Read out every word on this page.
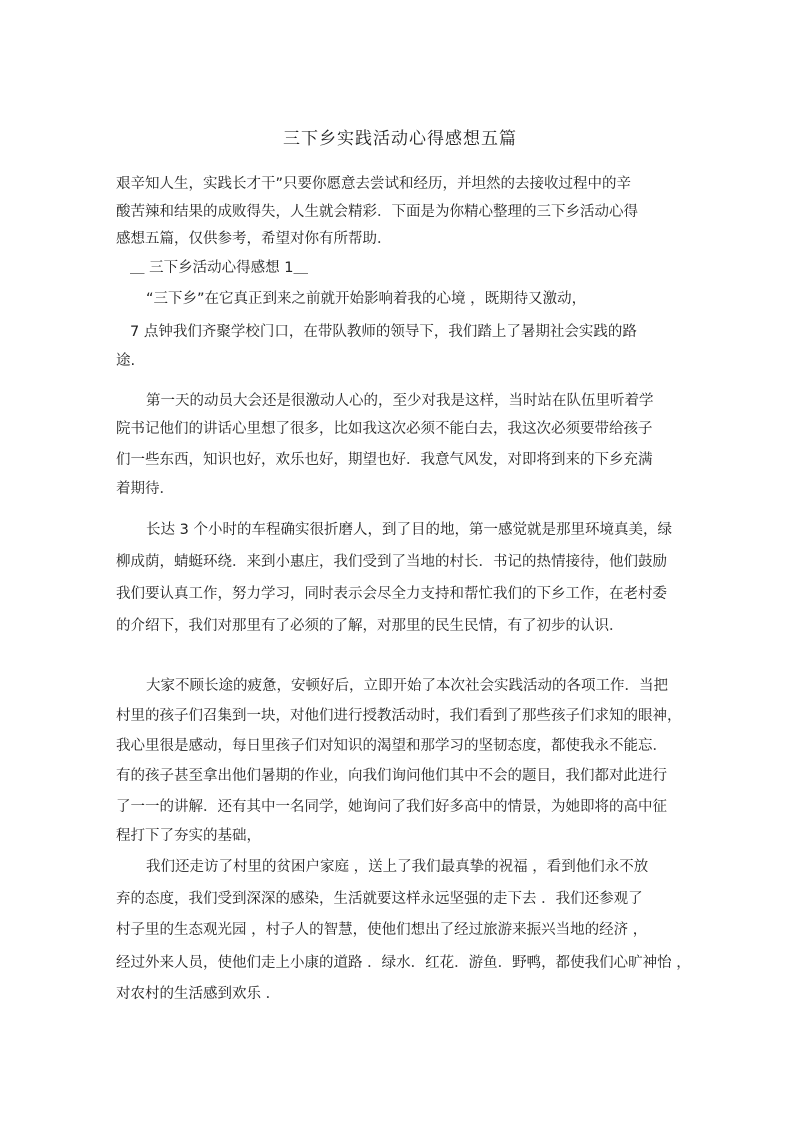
三下乡实践活动心得感想五篇
艰辛知人生，实践长才干”只要你愿意去尝试和经历，并坦然的去接收过程中的辛
酸苦辣和结果的成败得失，人生就会精彩．下面是为你精心整理的三下乡活动心得
感想五篇，仅供参考，希望对你有所帮助．
＿ 三下乡活动心得感想 1＿
“三下乡”在它真正到来之前就开始影响着我的心境 ，既期待又激动，
7 点钟我们齐聚学校门口，在带队教师的领导下，我们踏上了暑期社会实践的路
途.
第一天的动员大会还是很激动人心的，至少对我是这样，当时站在队伍里听着学
院书记他们的讲话心里想了很多，比如我这次必须不能白去，我这次必须要带给孩子
们一些东西，知识也好，欢乐也好，期望也好．我意气风发，对即将到来的下乡充满
着期待．
长达 3 个小时的车程确实很折磨人，到了目的地，第一感觉就是那里环境真美，绿
柳成荫，蜻蜓环绕．来到小惠庄，我们受到了当地的村长．书记的热情接待，他们鼓励
我们要认真工作，努力学习，同时表示会尽全力支持和帮忙我们的下乡工作，在老村委
的介绍下，我们对那里有了必须的了解，对那里的民生民情，有了初步的认识．
大家不顾长途的疲惫，安顿好后，立即开始了本次社会实践活动的各项工作．当把
村里的孩子们召集到一块，对他们进行授教活动时，我们看到了那些孩子们求知的眼神，
我心里很是感动，每日里孩子们对知识的渴望和那学习的坚韧态度，都使我永不能忘．
有的孩子甚至拿出他们暑期的作业，向我们询问他们其中不会的题目，我们都对此进行
了一一的讲解．还有其中一名同学，她询问了我们好多高中的情景，为她即将的高中征
程打下了夯实的基础，
我们还走访了村里的贫困户家庭 ，送上了我们最真挚的祝福 ，看到他们永不放
弃的态度，我们受到深深的感染，生活就要这样永远坚强的走下去 ．我们还参观了
村子里的生态观光园 ，村子人的智慧，使他们想出了经过旅游来振兴当地的经济 ，
经过外来人员，使他们走上小康的道路 ．绿水．红花．游鱼．野鸭，都使我们心旷神怡 ，
对农村的生活感到欢乐 ．
